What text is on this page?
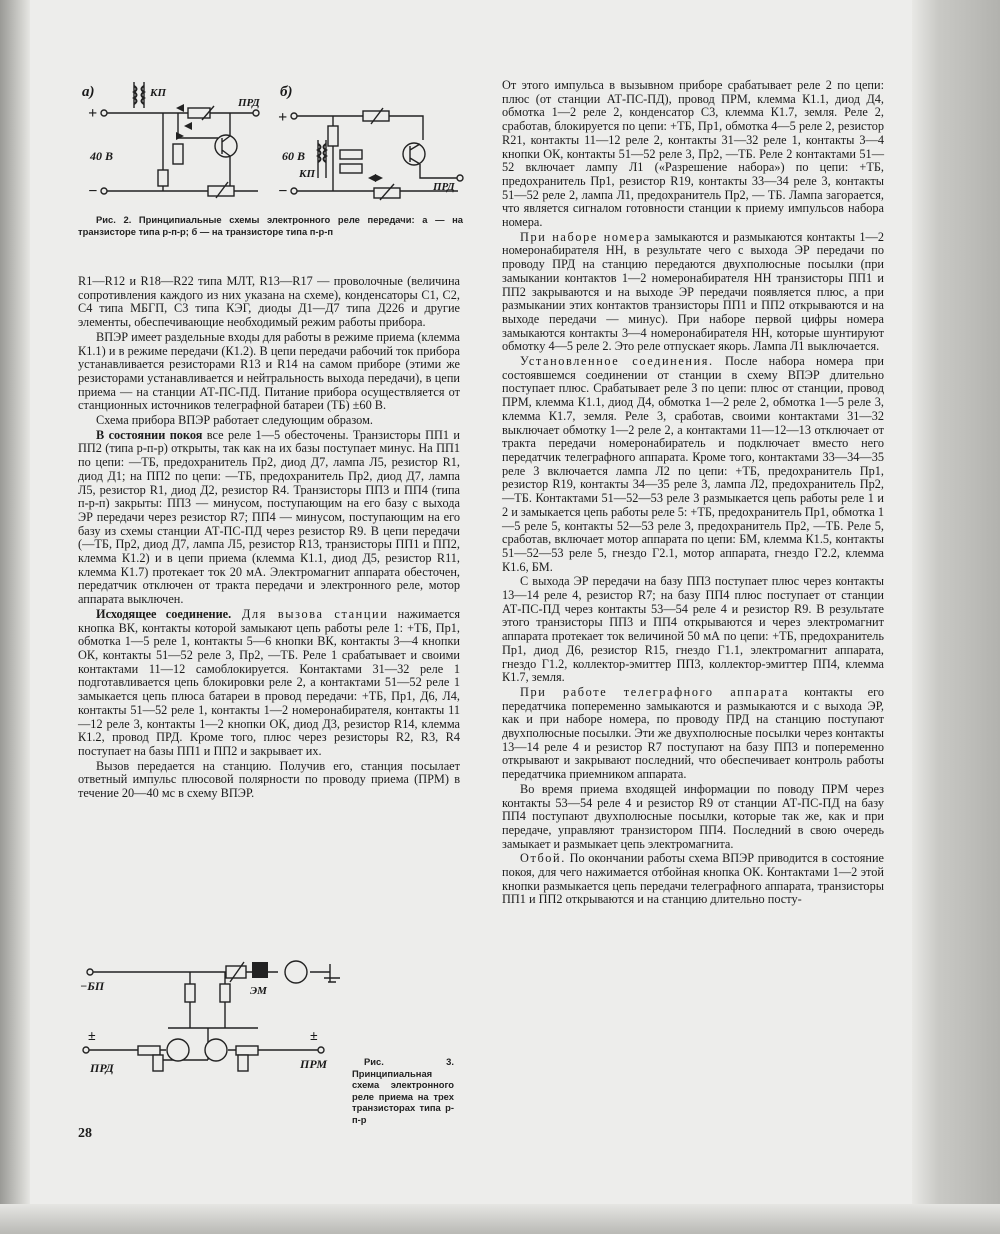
а)
+
−
КП
ПРД
40 В
б)
+
−
КП
60 В
ПРД
Рис. 2. Принципиальные схемы электронного реле передачи: а — на транзисторе типа р-п-р; б — на транзисторе типа п-р-п

R1—R12 и R18—R22 типа МЛТ, R13—R17 — проволочные (величина сопротивления каждого из них указана на схеме), конденсаторы C1, C2, C4 типа МБГП, C3 типа КЭГ, диоды Д1—Д7 типа Д226 и другие элементы, обеспечивающие необходимый режим работы прибора.

ВПЭР имеет раздельные входы для работы в режиме приема (клемма К1.1) и в режиме передачи (К1.2). В цепи передачи рабочий ток прибора устанавливается резисторами R13 и R14 на самом приборе (этими же резисторами устанавливается и нейтральность выхода передачи), в цепи приема — на станции АТ-ПС-ПД. Питание прибора осуществляется от станционных источников телеграфной батареи (ТБ) ±60 В.

Схема прибора ВПЭР работает следующим образом.

В состоянии покоя все реле 1—5 обесточены. Транзисторы ПП1 и ПП2 (типа р-п-р) открыты, так как на их базы поступает минус. На ПП1 по цепи: —ТБ, предохранитель Пр2, диод Д7, лампа Л5, резистор R1, диод Д1; на ПП2 по цепи: —ТБ, предохранитель Пр2, диод Д7, лампа Л5, резистор R1, диод Д2, резистор R4. Транзисторы ПП3 и ПП4 (типа п-р-п) закрыты: ПП3 — минусом, поступающим на его базу с выхода ЭР передачи через резистор R7; ПП4 — минусом, поступающим на его базу из схемы станции АТ-ПС-ПД через резистор R9. В цепи передачи (—ТБ, Пр2, диод Д7, лампа Л5, резистор R13, транзисторы ПП1 и ПП2, клемма К1.2) и в цепи приема (клемма К1.1, диод Д5, резистор R11, клемма К1.7) протекает ток 20 мА. Электромагнит аппарата обесточен, передатчик отключен от тракта передачи и электронного реле, мотор аппарата выключен.

Исходящее соединение. Для вызова станции нажимается кнопка ВК, контакты которой замыкают цепь работы реле 1: +ТБ, Пр1, обмотка 1—5 реле 1, контакты 5—6 кнопки ВК, контакты 3—4 кнопки ОК, контакты 51—52 реле 3, Пр2, —ТБ. Реле 1 срабатывает и своими контактами 11—12 самоблокируется. Контактами 31—32 реле 1 подготавливается цепь блокировки реле 2, а контактами 51—52 реле 1 замыкается цепь плюса батареи в провод передачи: +ТБ, Пр1, Д6, Л4, контакты 51—52 реле 1, контакты 1—2 номеронабирателя, контакты 11—12 реле 3, контакты 1—2 кнопки ОК, диод Д3, резистор R14, клемма К1.2, провод ПРД. Кроме того, плюс через резисторы R2, R3, R4 поступает на базы ПП1 и ПП2 и закрывает их.

Вызов передается на станцию. Получив его, станция посылает ответный импульс плюсовой полярности по проводу приема (ПРМ) в течение 20—40 мс в схему ВПЭР.

−БП	ЭМ
±	±
ПРД	ПРМ	Рис. 3. Принципиальная схема электронного реле приема на трех транзисторах типа р-п-р
28

От этого импульса в вызывном приборе срабатывает реле 2 по цепи: плюс (от станции АТ-ПС-ПД), провод ПРМ, клемма К1.1, диод Д4, обмотка 1—2 реле 2, конденсатор C3, клемма К1.7, земля. Реле 2, сработав, блокируется по цепи: +ТБ, Пр1, обмотка 4—5 реле 2, резистор R21, контакты 11—12 реле 2, контакты 31—32 реле 1, контакты 3—4 кнопки ОК, контакты 51—52 реле 3, Пр2, —ТБ. Реле 2 контактами 51—52 включает лампу Л1 («Разрешение набора») по цепи: +ТБ, предохранитель Пр1, резистор R19, контакты 33—34 реле 3, контакты 51—52 реле 2, лампа Л1, предохранитель Пр2, — ТБ. Лампа загорается, что является сигналом готовности станции к приему импульсов набора номера.

При наборе номера замыкаются и размыкаются контакты 1—2 номеронабирателя НН, в результате чего с выхода ЭР передачи по проводу ПРД на станцию передаются двухполюсные посылки (при замыкании контактов 1—2 номеронабирателя НН транзисторы ПП1 и ПП2 закрываются и на выходе ЭР передачи появляется плюс, а при размыкании этих контактов транзисторы ПП1 и ПП2 открываются и на выходе передачи — минус). При наборе первой цифры номера замыкаются контакты 3—4 номеронабирателя НН, которые шунтируют обмотку 4—5 реле 2. Это реле отпускает якорь. Лампа Л1 выключается.

Установленное соединения. После набора номера при состоявшемся соединении от станции в схему ВПЭР длительно поступает плюс. Срабатывает реле 3 по цепи: плюс от станции, провод ПРМ, клемма К1.1, диод Д4, обмотка 1—2 реле 2, обмотка 1—5 реле 3, клемма К1.7, земля. Реле 3, сработав, своими контактами 31—32 выключает обмотку 1—2 реле 2, а контактами 11—12—13 отключает от тракта передачи номеронабиратель и подключает вместо него передатчик телеграфного аппарата. Кроме того, контактами 33—34—35 реле 3 включается лампа Л2 по цепи: +ТБ, предохранитель Пр1, резистор R19, контакты 34—35 реле 3, лампа Л2, предохранитель Пр2, —ТБ. Контактами 51—52—53 реле 3 размыкается цепь работы реле 1 и 2 и замыкается цепь работы реле 5: +ТБ, предохранитель Пр1, обмотка 1—5 реле 5, контакты 52—53 реле 3, предохранитель Пр2, —ТБ. Реле 5, сработав, включает мотор аппарата по цепи: БМ, клемма К1.5, контакты 51—52—53 реле 5, гнездо Г2.1, мотор аппарата, гнездо Г2.2, клемма К1.6, БМ.

С выхода ЭР передачи на базу ПП3 поступает плюс через контакты 13—14 реле 4, резистор R7; на базу ПП4 плюс поступает от станции АТ-ПС-ПД через контакты 53—54 реле 4 и резистор R9. В результате этого транзисторы ПП3 и ПП4 открываются и через электромагнит аппарата протекает ток величиной 50 мА по цепи: +ТБ, предохранитель Пр1, диод Д6, резистор R15, гнездо Г1.1, электромагнит аппарата, гнездо Г1.2, коллектор-эмиттер ПП3, коллектор-эмиттер ПП4, клемма К1.7, земля.

При работе телеграфного аппарата контакты его передатчика попеременно замыкаются и размыкаются и с выхода ЭР, как и при наборе номера, по проводу ПРД на станцию поступают двухполюсные посылки. Эти же двухполюсные посылки через контакты 13—14 реле 4 и резистор R7 поступают на базу ПП3 и попеременно открывают и закрывают последний, что обеспечивает контроль работы передатчика приемником аппарата.

Во время приема входящей информации по поводу ПРМ через контакты 53—54 реле 4 и резистор R9 от станции АТ-ПС-ПД на базу ПП4 поступают двухполюсные посылки, которые так же, как и при передаче, управляют транзистором ПП4. Последний в свою очередь замыкает и размыкает цепь электромагнита.

Отбой. По окончании работы схема ВПЭР приводится в состояние покоя, для чего нажимается отбойная кнопка ОК. Контактами 1—2 этой кнопки размыкается цепь передачи телеграфного аппарата, транзисторы ПП1 и ПП2 открываются и на станцию длительно посту-
